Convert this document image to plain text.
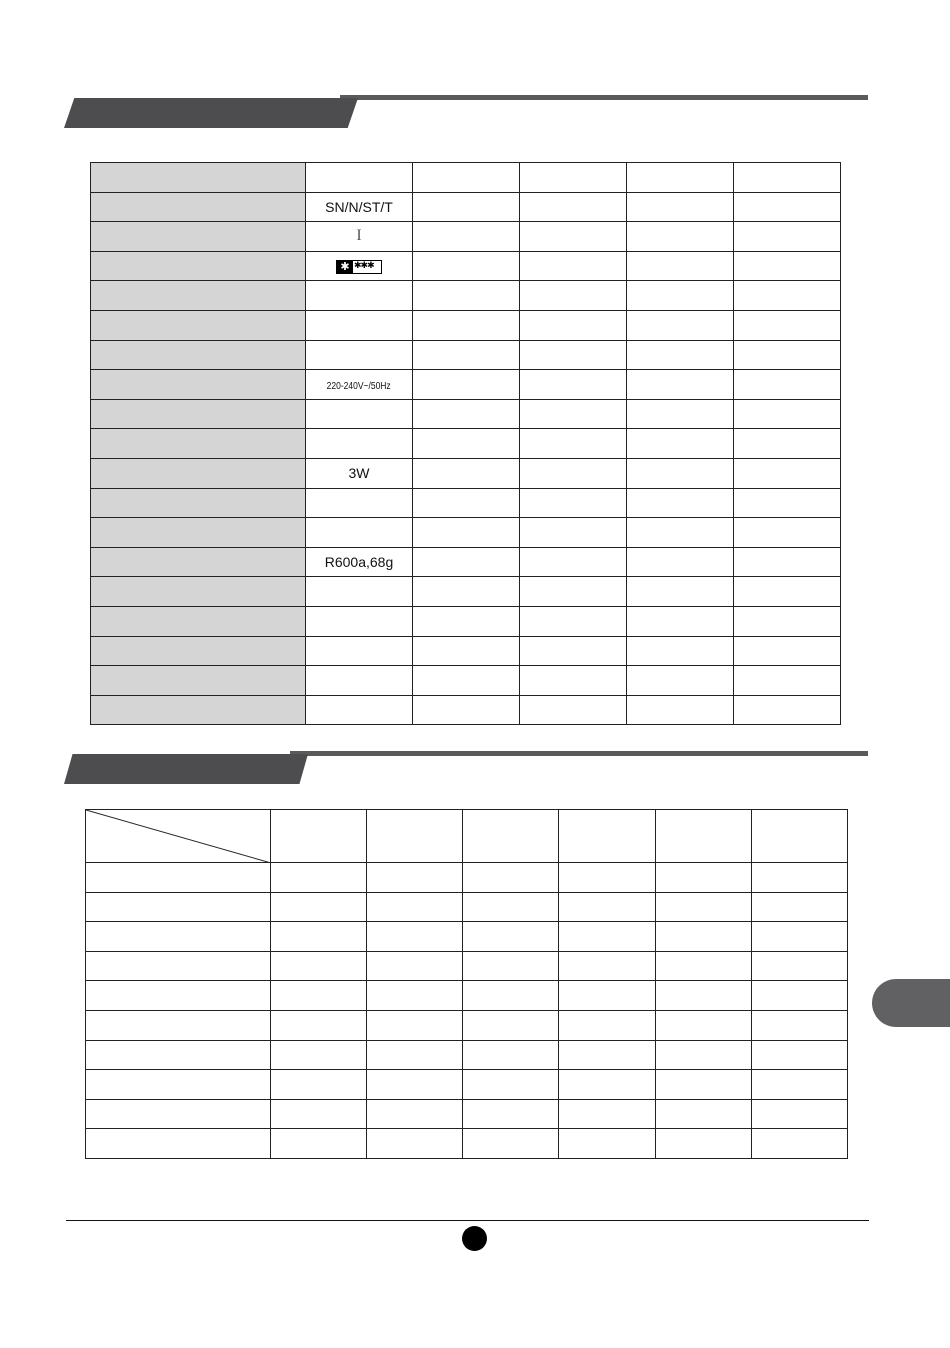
	SN/N/ST/T				
	I				

	✱ ✱✱✱				

	220-240V~/50Hz				

	3W				

	R600a,68g				
